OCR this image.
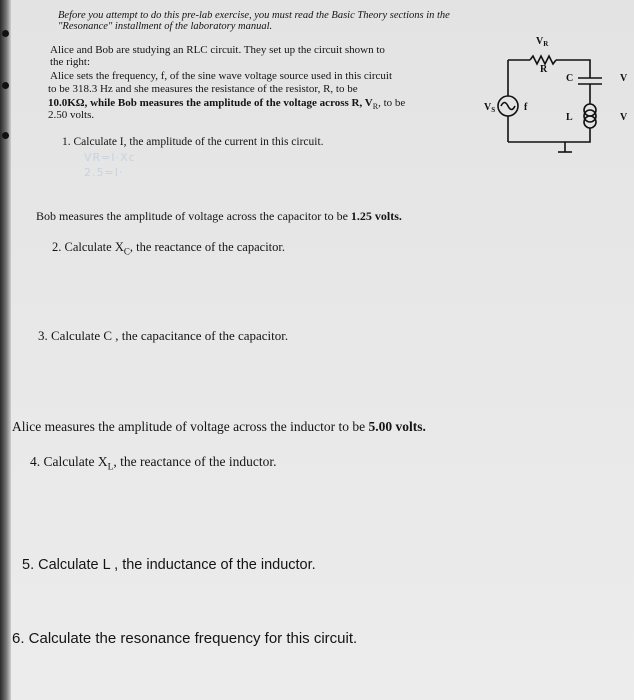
Before you attempt to do this pre-lab exercise, you must read the Basic Theory sections in the
"Resonance" installment of the laboratory manual.
Alice and Bob are studying an RLC circuit. They set up the circuit shown to
the right:
Alice sets the frequency, f, of the sine wave voltage source used in this circuit
to be 318.3 Hz and she measures the resistance of the resistor, R, to be
10.0KΩ, while Bob measures the amplitude of the voltage across R, $V_R$, to be
2.50 volts.
$V_R$
R
C	V
L	V
$V_S$	f
1. Calculate I, the amplitude of the current in this circuit.
VR=I·Xc
2.5=I·
Bob measures the amplitude of voltage across the capacitor to be 1.25 volts.
2. Calculate $X_C$, the reactance of the capacitor.
3. Calculate C , the capacitance of the capacitor.
Alice measures the amplitude of voltage across the inductor to be 5.00 volts.
4. Calculate $X_L$, the reactance of the inductor.
5. Calculate L , the inductance of the inductor.
6. Calculate the resonance frequency for this circuit.
